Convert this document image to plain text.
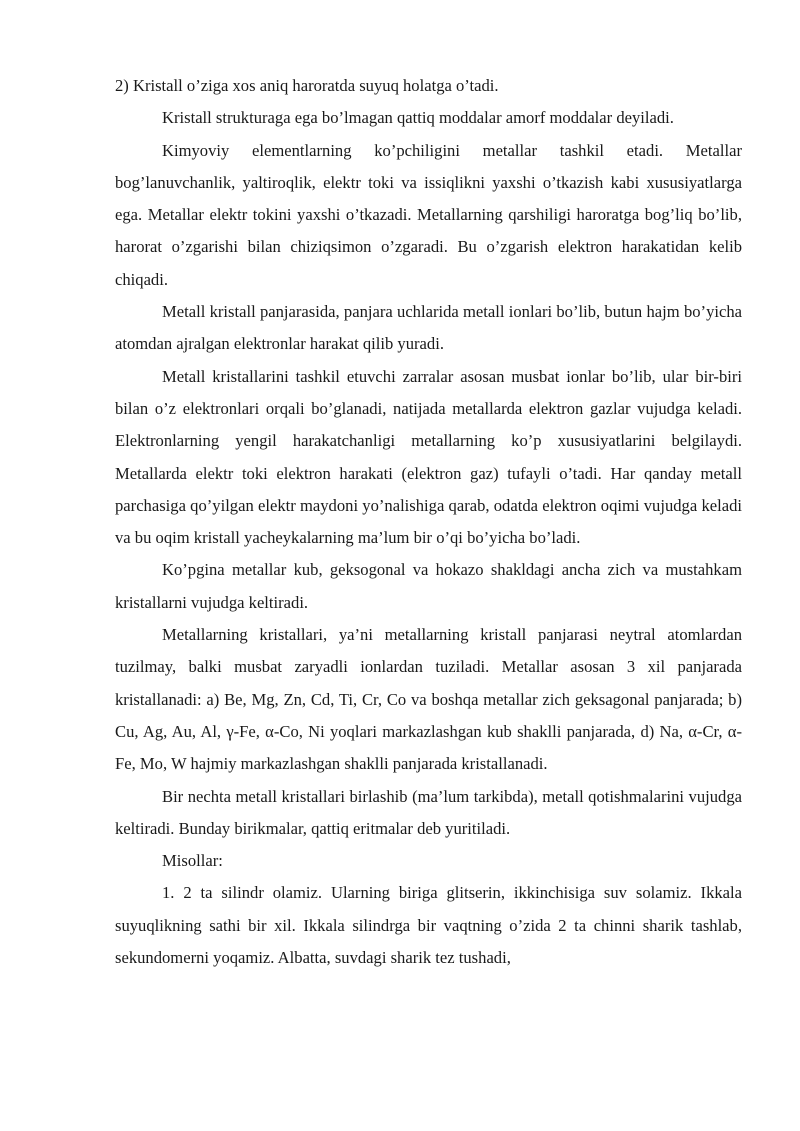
2) Kristall o’ziga xos aniq haroratda suyuq holatga o’tadi.

Kristall strukturaga ega bo’lmagan qattiq moddalar amorf moddalar deyiladi.

Kimyoviy elementlarning ko’pchiligini metallar tashkil etadi. Metallar bog’lanuvchanlik, yaltiroqlik, elektr toki va issiqlikni yaxshi o’tkazish kabi xususiyatlarga ega. Metallar elektr tokini yaxshi o’tkazadi. Metallarning qarshiligi haroratga bog’liq bo’lib, harorat o’zgarishi bilan chiziqsimon o’zgaradi. Bu o’zgarish elektron harakatidan kelib chiqadi.

Metall kristall panjarasida, panjara uchlarida metall ionlari bo’lib, butun hajm bo’yicha atomdan ajralgan elektronlar harakat qilib yuradi.

Metall kristallarini tashkil etuvchi zarralar asosan musbat ionlar bo’lib, ular bir-biri bilan o’z elektronlari orqali bo’glanadi, natijada metallarda elektron gazlar vujudga keladi. Elektronlarning yengil harakatchanligi metallarning ko’p xususiyatlarini belgilaydi. Metallarda elektr toki elektron harakati (elektron gaz) tufayli o’tadi. Har qanday metall parchasiga qo’yilgan elektr maydoni yo’nalishiga qarab, odatda elektron oqimi vujudga keladi va bu oqim kristall yacheykalarning ma’lum bir o’qi bo’yicha bo’ladi.

Ko’pgina metallar kub, geksogonal va hokazo shakldagi ancha zich va mustahkam kristallarni vujudga keltiradi.

Metallarning kristallari, ya’ni metallarning kristall panjarasi neytral atomlardan tuzilmay, balki musbat zaryadli ionlardan tuziladi. Metallar asosan 3 xil panjarada kristallanadi: a) Be, Mg, Zn, Cd, Ti, Cr, Co va boshqa metallar zich geksagonal panjarada; b) Cu, Ag, Au, Al, γ-Fe, α-Co, Ni yoqlari markazlashgan kub shaklli panjarada, d) Na, α-Cr, α-Fe, Mo, W hajmiy markazlashgan shaklli panjarada kristallanadi.

Bir nechta metall kristallari birlashib (ma’lum tarkibda), metall qotishmalarini vujudga keltiradi. Bunday birikmalar, qattiq eritmalar deb yuritiladi.

Misollar:

1. 2 ta silindr olamiz. Ularning biriga glitserin, ikkinchisiga suv solamiz. Ikkala suyuqlikning sathi bir xil. Ikkala silindrga bir vaqtning o’zida 2 ta chinni sharik tashlab, sekundomerni yoqamiz. Albatta, suvdagi sharik tez tushadi,
